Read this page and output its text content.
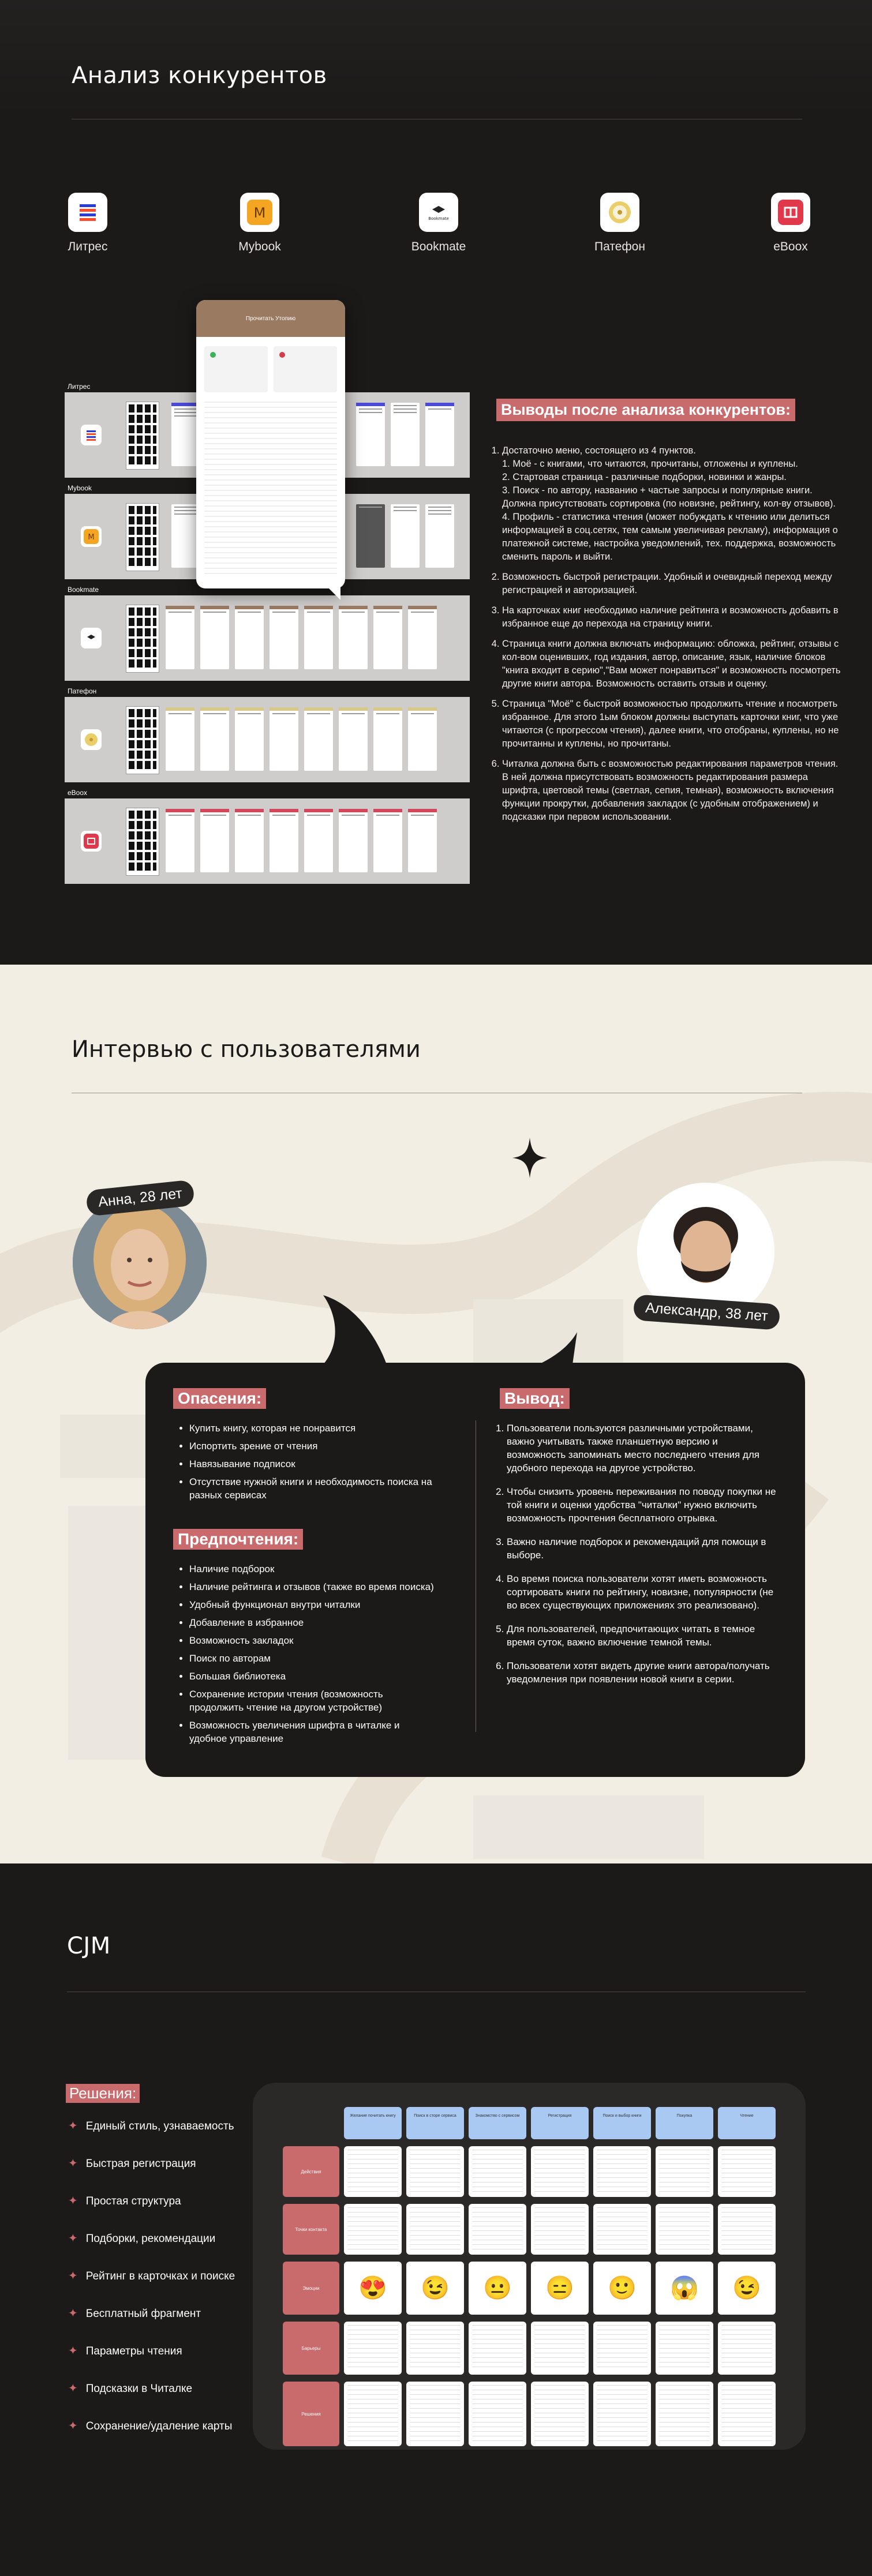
Анализ конкурентов
Литрес
M
Mybook
Bookmate
Bookmate	Патефон	eBoox
Литрес
Mybook
M
Bookmate
Патефон
eBoox
Прочитать Утопию
Выводы после анализа конкурентов:
1. Достаточно меню, состоящего из 4 пунктов.
1. Моё - с книгами, что читаются, прочитаны, отложены и куплены.
2. Стартовая страница - различные подборки, новинки и жанры.
3. Поиск - по автору, названию + частые запросы и популярные книги. Должна присутствовать сортировка (по новизне, рейтингу, кол-ву отзывов).
4. Профиль - статистика чтения (может побуждать к чтению или делиться информацией в соц.сетях, тем самым увеличивая рекламу), информация о платежной системе, настройка уведомлений, тех. поддержка, возможность сменить пароль и выйти.
2. Возможность быстрой регистрации. Удобный и очевидный переход между регистрацией и авторизацией.
3. На карточках книг необходимо наличие рейтинга и возможность добавить в избранное еще до перехода на страницу книги.
4. Страница книги должна включать информацию: обложка, рейтинг, отзывы с кол-вом оценивших, год издания, автор, описание, язык, наличие блоков "книга входит в серию","Вам может понравиться" и возможность посмотреть другие книги автора. Возможность оставить отзыв и оценку.
5. Страница "Моё" с быстрой возможностью продолжить чтение и посмотреть избранное. Для этого 1ым блоком должны выступать карточки книг, что уже читаются (с прогрессом чтения), далее книги, что отобраны, куплены, но не прочитанны и куплены, но прочитаны.
6. Читалка должна быть с возможностью редактирования параметров чтения. В ней должна присутствовать возможность редактирования размера шрифта, цветовой темы (светлая, сепия, темная), возможность включения функции прокрутки, добавления закладок (с удобным отображением) и подсказки при первом использовании.
Интервью с пользователями
Анна, 28 лет
Александр, 38 лет
Опасения:
• Купить книгу, которая не понравится
• Испортить зрение от чтения
• Навязывание подписок
• Отсутствие нужной книги и необходимость поиска на разных сервисах
Предпочтения:
• Наличие подборок
• Наличие рейтинга и отзывов (также во время поиска)
• Удобный функционал внутри читалки
• Добавление в избранное
• Возможность закладок
• Поиск по авторам
• Большая библиотека
• Сохранение истории чтения (возможность продолжить чтение на другом устройстве)
• Возможность увеличения шрифта в читалке и удобное управление
Вывод:
1. Пользователи пользуются различными устройствами, важно учитывать также планшетную версию и возможность запоминать место последнего чтения для удобного перехода на другое устройство.
2. Чтобы снизить уровень переживания по поводу покупки не той книги и оценки удобства "читалки" нужно включить возможность прочтения бесплатного отрывка.
3. Важно наличие подборок и рекомендаций для помощи в выборе.
4. Во время поиска пользователи хотят иметь возможность сортировать книги по рейтингу, новизне, популярности (не во всех существующих приложениях это реализовано).
5. Для пользователей, предпочитающих читать в темное время суток, важно включение темной темы.
6. Пользователи хотят видеть другие книги автора/получать уведомления при появлении новой книги в серии.
CJM
Решения:
✦ Единый стиль, узнаваемость
✦ Быстрая регистрация
✦ Простая структура
✦ Подборки, рекомендации
✦ Рейтинг в карточках и поиске
✦ Бесплатный фрагмент
✦ Параметры чтения
✦ Подсказки в Читалке
✦ Сохранение/удаление карты
Желание почитать книгу	Поиск в сторе сервиса	Знакомство с сервисом	Регистрация	Поиск и выбор книги	Покупка	Чтение
Действия
Точки контакта
Эмоции	😍	😉	😐	😑	🙂	😱	😉
Барьеры
Решения
